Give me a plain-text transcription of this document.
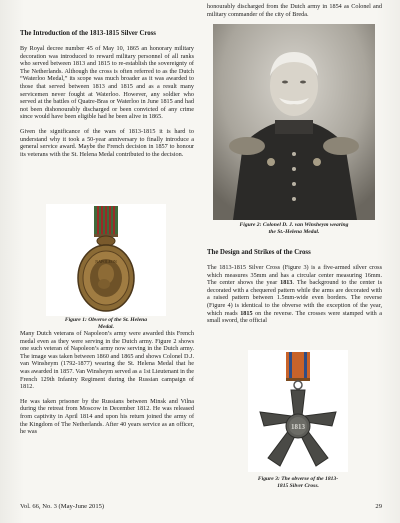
The Introduction of the 1813-1815 Silver Cross

By Royal decree number 45 of May 10, 1865 an honorary military decoration was introduced to reward military personnel of all ranks who served between 1813 and 1815 to re-establish the sovereignty of The Netherlands. Although the cross is often referred to as the Dutch “Waterloo Medal,” its scope was much broader as it was awarded to those that served between 1813 and 1815 and as a result many servicemen never fought at Waterloo. However, any soldier who served at the battles of Quatre-Bras or Waterloo in June 1815 and had not been dishonourably discharged or been convicted of any crime since would have been eligible had he been alive in 1865.

Given the significance of the wars of 1813-1815 it is hard to understand why it took a 50-year anniversary to finally introduce a general service award. Maybe the French decision in 1857 to honour its veterans with the St. Helena Medal contributed to the decision.

NAPOLEON
Figure 1: Obverse of the St. Helena
Medal.

Many Dutch veterans of Napoleon’s army were awarded this French medal even as they were serving in the Dutch army. Figure 2 shows one such veteran of Napoleon’s army now serving in the Dutch army. The image was taken between 1860 and 1865 and shows Colonel D.J. van Winsheym (1792-1877) wearing the St. Helena Medal that he was awarded in 1857. Van Winsheym served as a 1st Lieutenant in the French 129th Infantry Regiment during the Russian campaign of 1812.

He was taken prisoner by the Russians between Minsk and Vilna during the retreat from Moscow in December 1812. He was released from captivity in April 1814 and upon his return joined the army of the Kingdom of The Netherlands. After 40 years service as an officer, he was

honourably discharged from the Dutch army in 1854 as Colonel and military commander of the city of Breda.

Figure 2: Colonel D. J. van Winsheym wearing
the St.-Helena Medal.
The Design and Strikes of the Cross

The 1813-1815 Silver Cross (Figure 3) is a five-armed silver cross which measures 35mm and has a circular center measuring 16mm. The center shows the year 1813. The background to the center is decorated with a chequered pattern while the arms are decorated with a raised pattern between 1.5mm-wide even borders. The reverse (Figure 4) is identical to the obverse with the exception of the year, which reads 1815 on the reverse. The crosses were stamped with a small sword, the official

1813
Figure 3: The obverse of the 1813-
1815 Silver Cross.
Vol. 66, No. 3 (May-June 2015)	29
